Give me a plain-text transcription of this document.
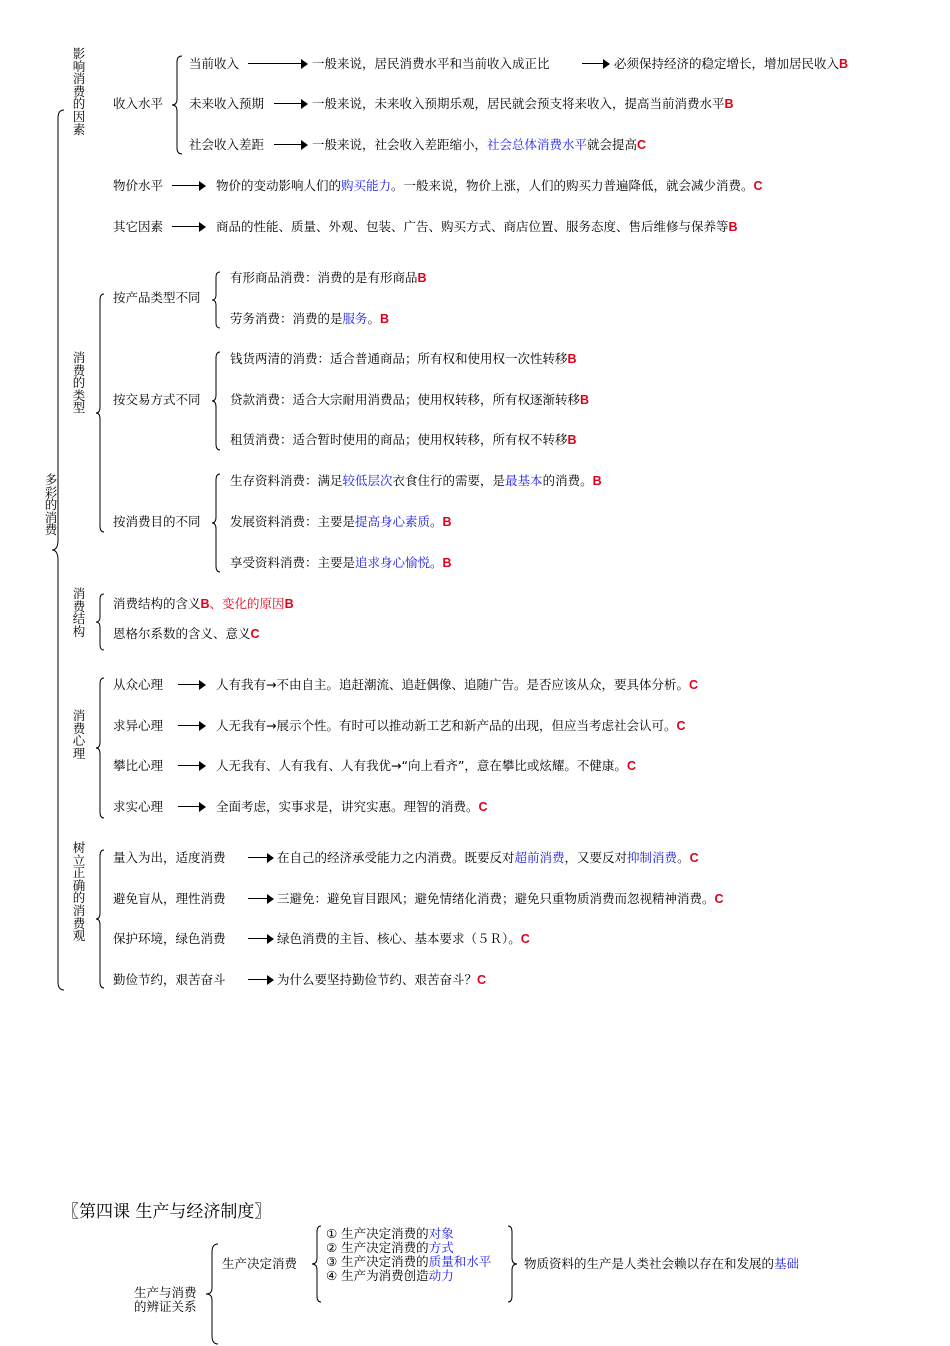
多彩的消费
影响消费的因素
消费的类型
消费结构
消费心理
树立正确的消费观
收入水平
当前收入	一般来说，居民消费水平和当前收入成正比	必须保持经济的稳定增长，增加居民收入B
未来收入预期	一般来说，未来收入预期乐观，居民就会预支将来收入，提高当前消费水平B
社会收入差距	一般来说，社会收入差距缩小，社会总体消费水平就会提高C
物价水平	物价的变动影响人们的购买能力。一般来说，物价上涨，人们的购买力普遍降低，就会减少消费。C
其它因素	商品的性能、质量、外观、包装、广告、购买方式、商店位置、服务态度、售后维修与保养等B
按产品类型不同
有形商品消费：消费的是有形商品B
劳务消费：消费的是服务。B
按交易方式不同
钱货两清的消费：适合普通商品；所有权和使用权一次性转移B
贷款消费：适合大宗耐用消费品；使用权转移，所有权逐渐转移B
租赁消费：适合暂时使用的商品；使用权转移，所有权不转移B
按消费目的不同
生存资料消费：满足较低层次衣食住行的需要，是最基本的消费。B
发展资料消费：主要是提高身心素质。B
享受资料消费：主要是追求身心愉悦。B
消费结构的含义B、变化的原因B
恩格尔系数的含义、意义C
从众心理	人有我有→不由自主。追赶潮流、追赶偶像、追随广告。是否应该从众，要具体分析。C
求异心理	人无我有→展示个性。有时可以推动新工艺和新产品的出现，但应当考虑社会认可。C
攀比心理	人无我有、人有我有、人有我优→“向上看齐”，意在攀比或炫耀。不健康。C
求实心理	全面考虑，实事求是，讲究实惠。理智的消费。C
量入为出，适度消费	在自己的经济承受能力之内消费。既要反对超前消费，又要反对抑制消费。C
避免盲从，理性消费	三避免：避免盲目跟风；避免情绪化消费；避免只重物质消费而忽视精神消费。C
保护环境，绿色消费	绿色消费的主旨、核心、基本要求（５Ｒ）。C
勤俭节约，艰苦奋斗	为什么要坚持勤俭节约、艰苦奋斗？C
〖第四课 生产与经济制度〗
生产与消费
的辨证关系
生产决定消费
① 生产决定消费的对象
② 生产决定消费的方式
③ 生产决定消费的质量和水平
④ 生产为消费创造动力
物质资料的生产是人类社会赖以存在和发展的基础
